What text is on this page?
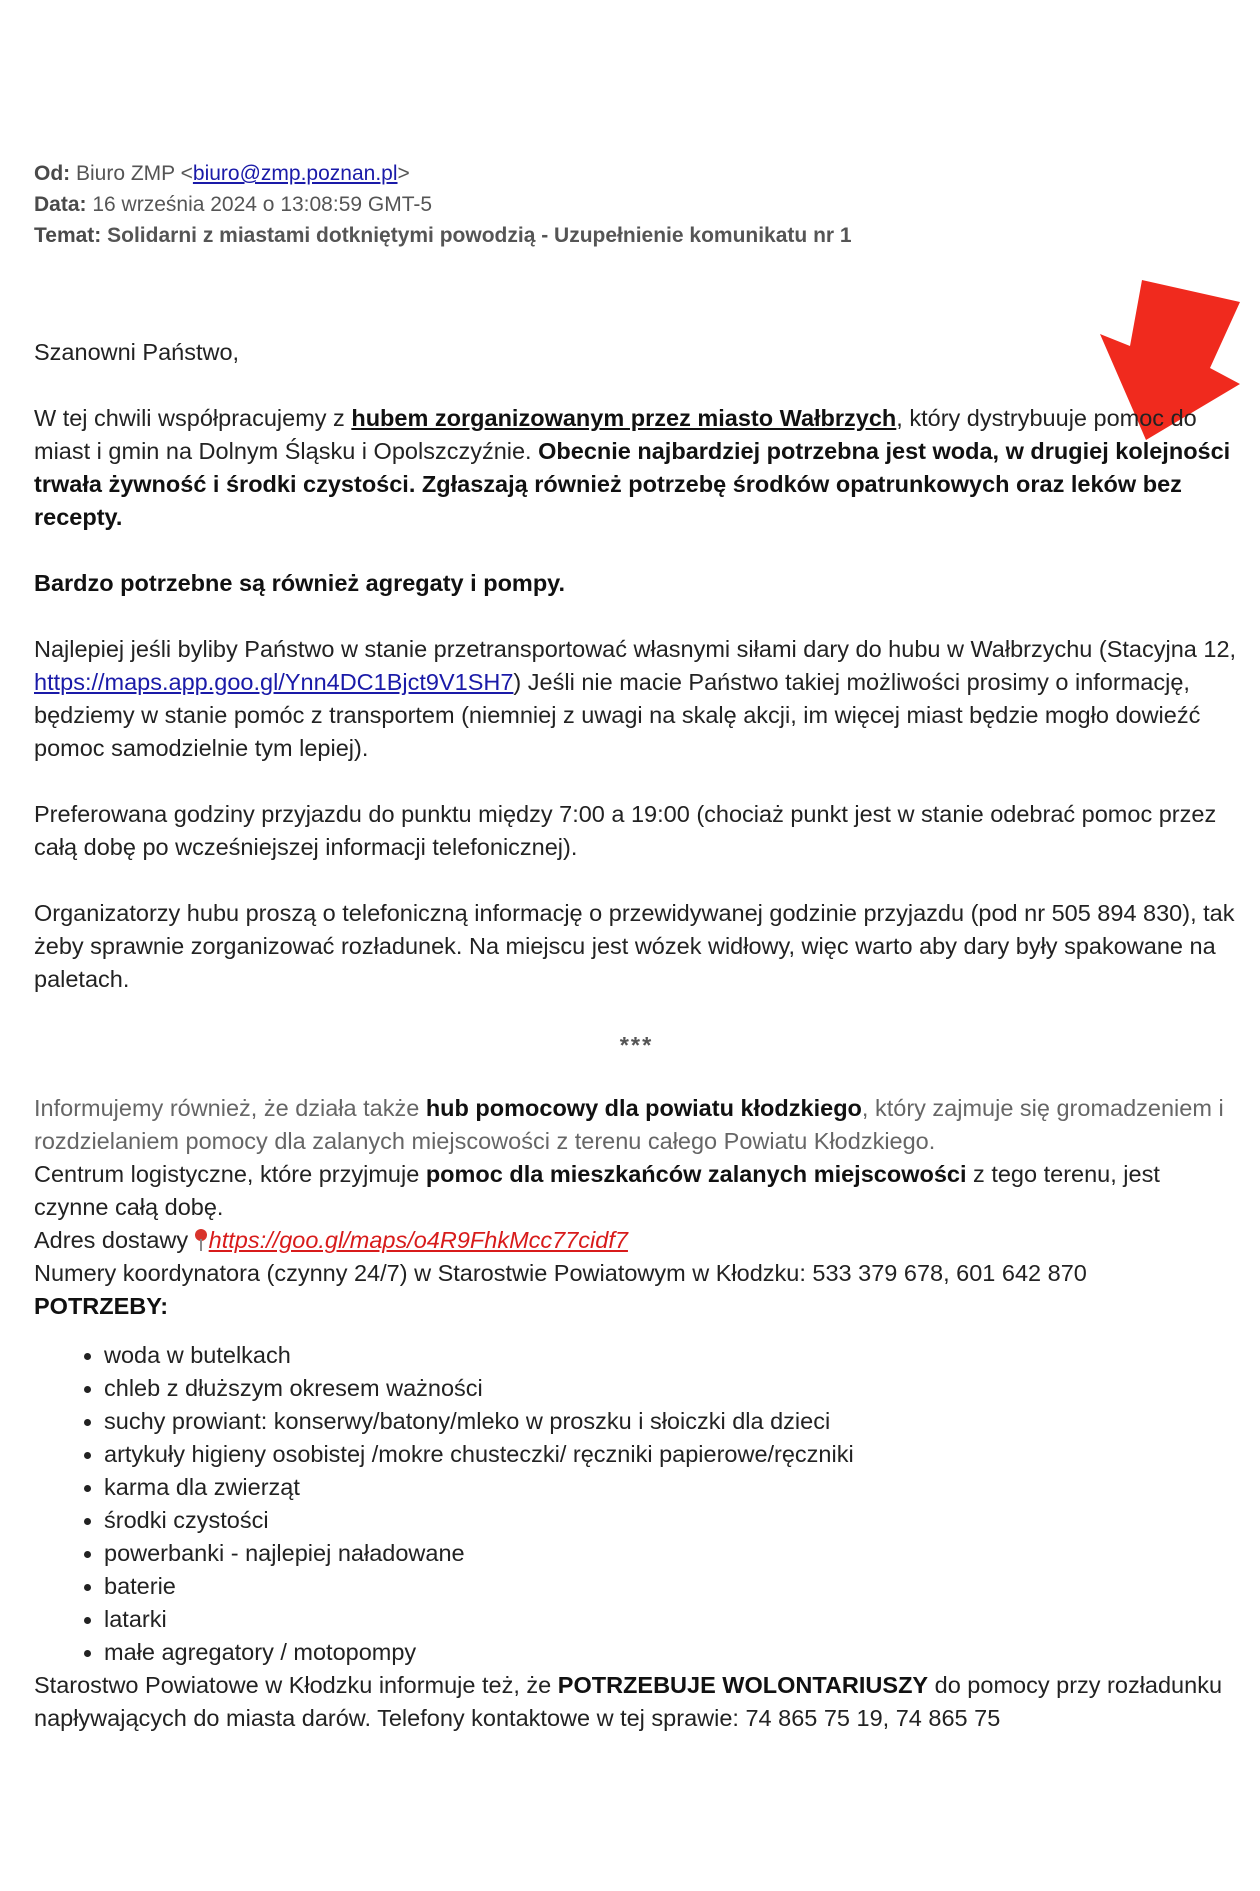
Od: Biuro ZMP <biuro@zmp.poznan.pl>
Data: 16 września 2024 o 13:08:59 GMT-5
Temat: Solidarni z miastami dotkniętymi powodzią - Uzupełnienie komunikatu nr 1

Szanowni Państwo,

W tej chwili współpracujemy z hubem zorganizowanym przez miasto Wałbrzych, który dystrybuuje pomoc do miast i gmin na Dolnym Śląsku i Opolszczyźnie. Obecnie najbardziej potrzebna jest woda, w drugiej kolejności trwała żywność i środki czystości. Zgłaszają również potrzebę środków opatrunkowych oraz leków bez recepty.

Bardzo potrzebne są również agregaty i pompy.

Najlepiej jeśli byliby Państwo w stanie przetransportować własnymi siłami dary do hubu w Wałbrzychu (Stacyjna 12, https://maps.app.goo.gl/Ynn4DC1Bjct9V1SH7) Jeśli nie macie Państwo takiej możliwości prosimy o informację, będziemy w stanie pomóc z transportem (niemniej z uwagi na skalę akcji, im więcej miast będzie mogło dowieźć pomoc samodzielnie tym lepiej).

Preferowana godziny przyjazdu do punktu między 7:00 a 19:00 (chociaż punkt jest w stanie odebrać pomoc przez całą dobę po wcześniejszej informacji telefonicznej).

Organizatorzy hubu proszą o telefoniczną informację o przewidywanej godzinie przyjazdu (pod nr 505 894 830), tak żeby sprawnie zorganizować rozładunek. Na miejscu jest wózek widłowy, więc warto aby dary były spakowane na paletach.

***

Informujemy również, że działa także hub pomocowy dla powiatu kłodzkiego, który zajmuje się gromadzeniem i rozdzielaniem pomocy dla zalanych miejscowości z terenu całego Powiatu Kłodzkiego.

Centrum logistyczne, które przyjmuje pomoc dla mieszkańców zalanych miejscowości z tego terenu, jest czynne całą dobę.

Adres dostawy
https://goo.gl/maps/o4R9FhkMcc77cidf7

Numery koordynatora (czynny 24/7) w Starostwie Powiatowym w Kłodzku: 533 379 678, 601 642 870

POTRZEBY:

woda w butelkach
chleb z dłuższym okresem ważności
suchy prowiant: konserwy/batony/mleko w proszku i słoiczki dla dzieci
artykuły higieny osobistej /mokre chusteczki/ ręczniki papierowe/ręczniki
karma dla zwierząt
środki czystości
powerbanki - najlepiej naładowane
baterie
latarki
małe agregatory / motopompy

Starostwo Powiatowe w Kłodzku informuje też, że POTRZEBUJE WOLONTARIUSZY do pomocy przy rozładunku napływających do miasta darów. Telefony kontaktowe w tej sprawie: 74 865 75 19, 74 865 75
